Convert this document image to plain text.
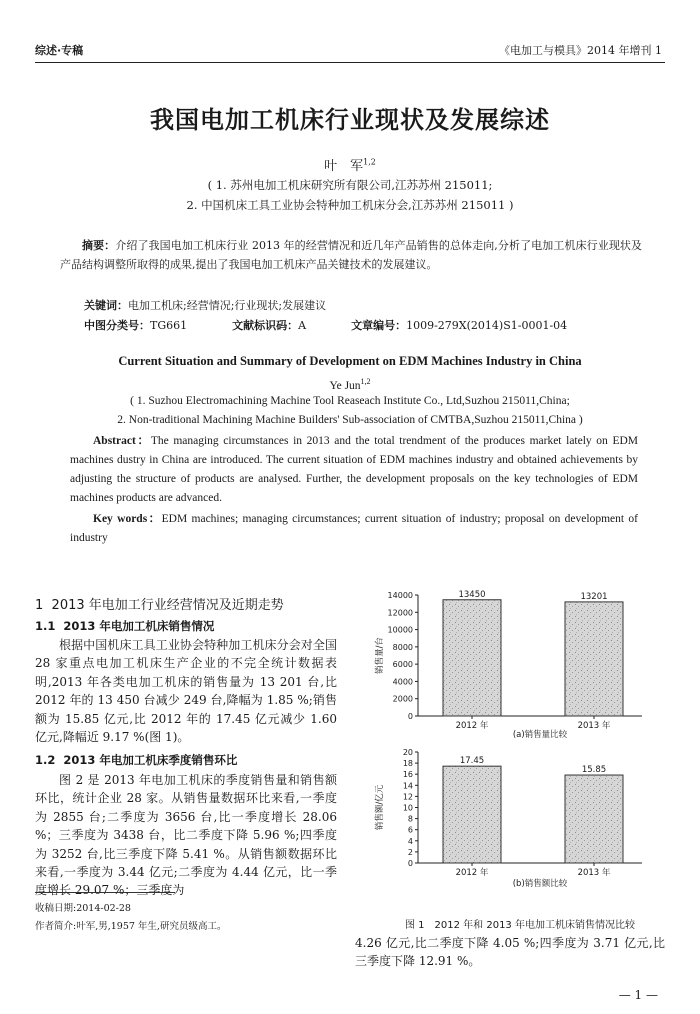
综述·专稿	《电加工与模具》2014 年增刊 1
我国电加工机床行业现状及发展综述
叶　军$^{1,2}$
( 1. 苏州电加工机床研究所有限公司,江苏苏州 215011;
2. 中国机床工具工业协会特种加工机床分会,江苏苏州 215011 )
摘要：介绍了我国电加工机床行业 2013 年的经营情况和近几年产品销售的总体走向,分析了电加工机床行业现状及产品结构调整所取得的成果,提出了我国电加工机床产品关键技术的发展建议。
关键词：电加工机床;经营情况;行业现状;发展建议
中图分类号：TG661	文献标识码：A	文章编号：1009-279X(2014)S1-0001-04
Current Situation and Summary of Development on EDM Machines Industry in China
Ye Jun$^{1,2}$
( 1. Suzhou Electromachining Machine Tool Reaseach Institute Co., Ltd,Suzhou 215011,China;
2. Non-traditional Machining Machine Builders' Sub-association of CMTBA,Suzhou 215011,China )
Abstract：The managing circumstances in 2013 and the total trendment of the produces market lately on EDM machines dustry in China are introduced. The current situation of EDM machines industry and obtained achievements by adjusting the structure of products are analysed. Further, the development proposals on the key technologies of EDM machines products are advanced.
Key words：EDM machines; managing circumstances; current situation of industry; proposal on development of industry
1 2013 年电加工行业经营情况及近期走势
1.1 2013 年电加工机床销售情况

根据中国机床工具工业协会特种加工机床分会对全国 28 家重点电加工机床生产企业的不完全统计数据表明,2013 年各类电加工机床的销售量为 13 201 台,比 2012 年的 13 450 台减少 249 台,降幅为 1.85 %;销售额为 15.85 亿元,比 2012 年的 17.45 亿元减少 1.60 亿元,降幅近 9.17 %(图 1)。

1.2 2013 年电加工机床季度销售环比

图 2 是 2013 年电加工机床的季度销售量和销售额环比，统计企业 28 家。从销售量数据环比来看,一季度为 2855 台;二季度为 3656 台,比一季度增长 28.06 %；三季度为 3438 台，比二季度下降 5.96 %;四季度为 3252 台,比三季度下降 5.41 %。从销售额数据环比来看,一季度为 3.44 亿元;二季度为 4.44 亿元，比一季度增长 29.07 %；三季度为

收稿日期:2014-02-28
作者简介:叶军,男,1957 年生,研究员级高工。
0
2000
4000
6000
8000
10000
12000
14000
销售量/台
13450
2012 年
13201
2013 年
(a)销售量比较
0
2
4
6
8
10
12
14
16
18
20
销售额/亿元
17.45
2012 年
15.85
2013 年
(b)销售额比较
图 1　2012 年和 2013 年电加工机床销售情况比较
4.26 亿元,比二季度下降 4.05 %;四季度为 3.71 亿元,比三季度下降 12.91 %。
— 1 —
